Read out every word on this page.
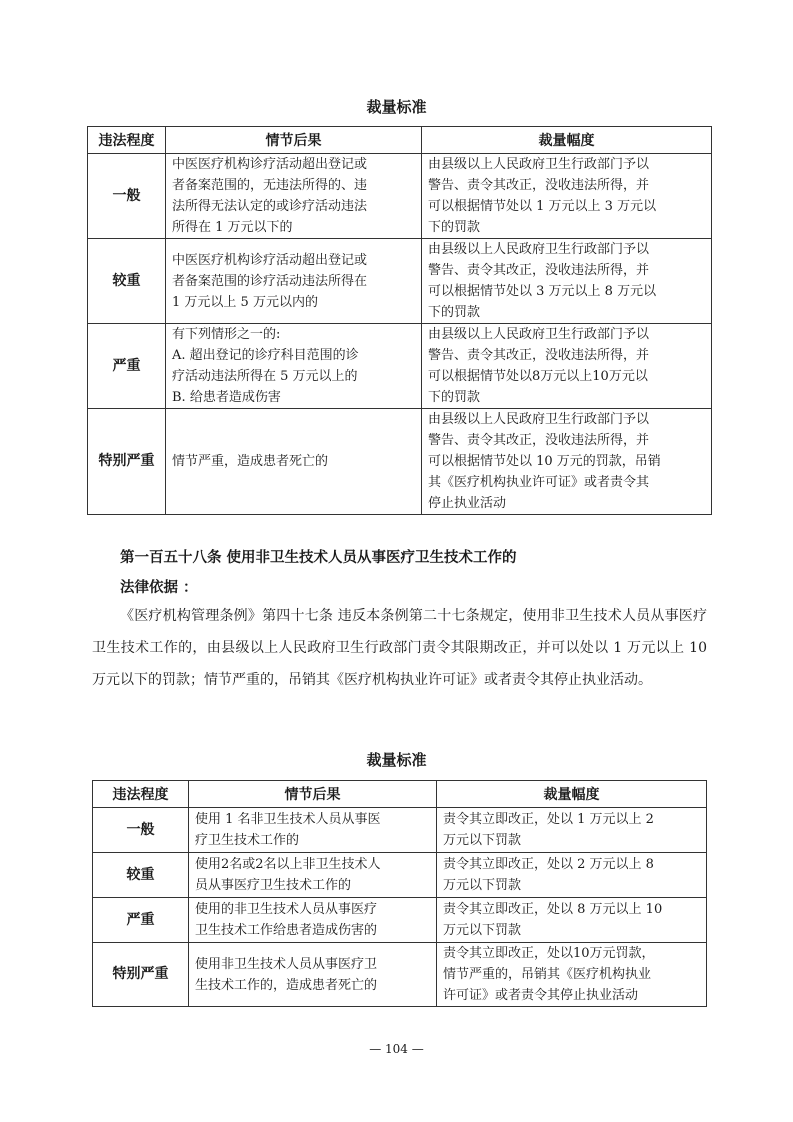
裁量标准
违法程度	情节后果	裁量幅度
一般	中医医疗机构诊疗活动超出登记或
者备案范围的，无违法所得的、违
法所得无法认定的或诊疗活动违法
所得在 1 万元以下的	由县级以上人民政府卫生行政部门予以
警告、责令其改正，没收违法所得，并
可以根据情节处以 1 万元以上 3 万元以
下的罚款

较重	中医医疗机构诊疗活动超出登记或
者备案范围的诊疗活动违法所得在
1 万元以上 5 万元以内的	由县级以上人民政府卫生行政部门予以
警告、责令其改正，没收违法所得，并
可以根据情节处以 3 万元以上 8 万元以
下的罚款

严重	有下列情形之一的:
A. 超出登记的诊疗科目范围的诊
疗活动违法所得在 5 万元以上的
B. 给患者造成伤害	由县级以上人民政府卫生行政部门予以
警告、责令其改正，没收违法所得，并
可以根据情节处以8万元以上10万元以
下的罚款

特别严重	情节严重，造成患者死亡的	由县级以上人民政府卫生行政部门予以
警告、责令其改正，没收违法所得，并
可以根据情节处以 10 万元的罚款，吊销
其《医疗机构执业许可证》或者责令其
停止执业活动
第一百五十八条 使用非卫生技术人员从事医疗卫生技术工作的
法律依据 ：
《医疗机构管理条例》第四十七条 违反本条例第二十七条规定，使用非卫生技术人员从事医疗卫生技术工作的，由县级以上人民政府卫生行政部门责令其限期改正，并可以处以 1 万元以上 10 万元以下的罚款；情节严重的，吊销其《医疗机构执业许可证》或者责令其停止执业活动。
裁量标准
违法程度	情节后果	裁量幅度
一般	使用 1 名非卫生技术人员从事医
疗卫生技术工作的	责令其立即改正，处以 1 万元以上 2
万元以下罚款

较重	使用2名或2名以上非卫生技术人
员从事医疗卫生技术工作的	责令其立即改正，处以 2 万元以上 8
万元以下罚款

严重	使用的非卫生技术人员从事医疗
卫生技术工作给患者造成伤害的	责令其立即改正，处以 8 万元以上 10
万元以下罚款

特别严重	使用非卫生技术人员从事医疗卫
生技术工作的，造成患者死亡的	责令其立即改正，处以10万元罚款，
情节严重的，吊销其《医疗机构执业
许可证》或者责令其停止执业活动
— 104 —
